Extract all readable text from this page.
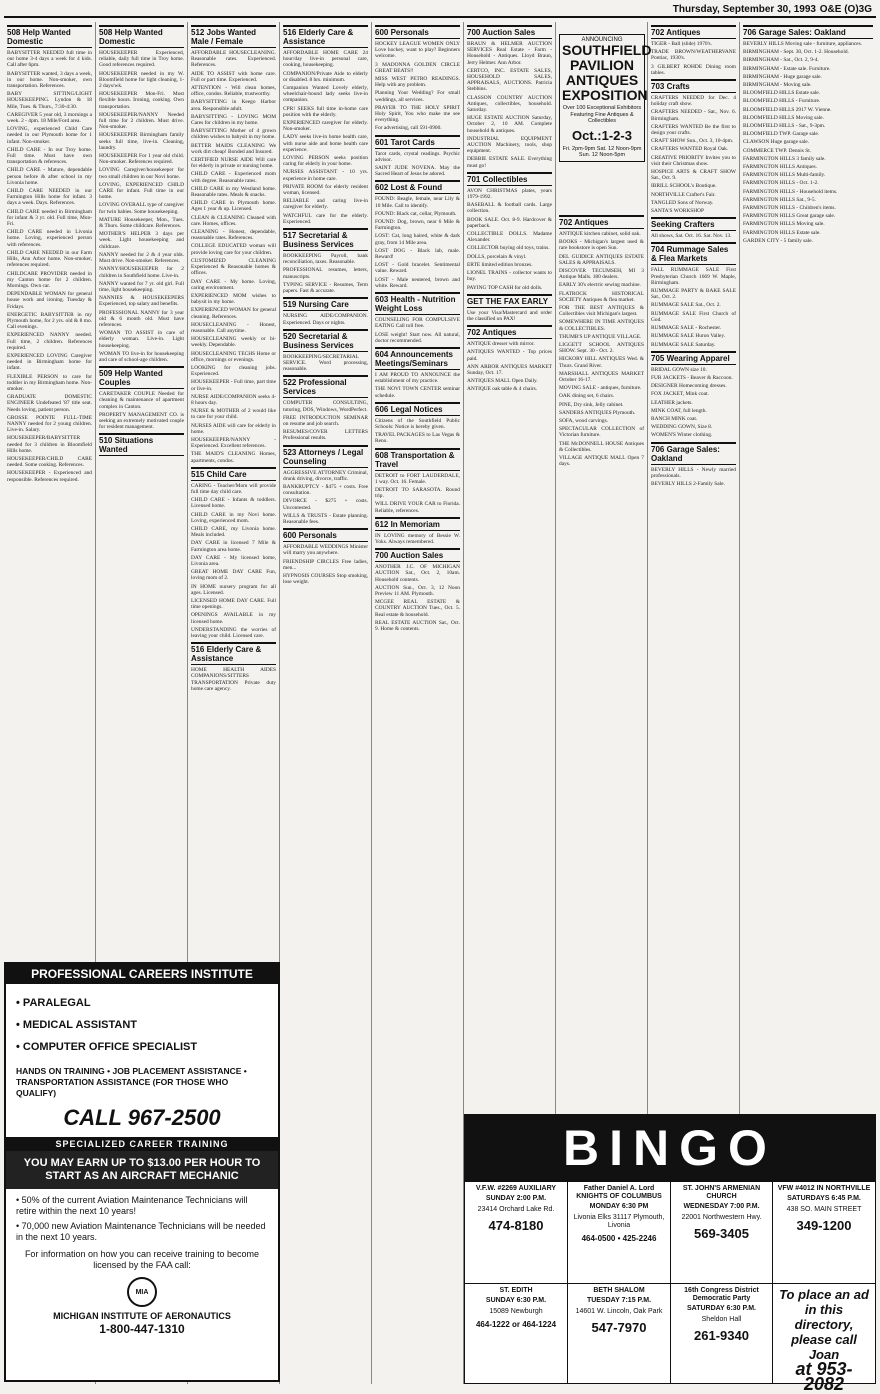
Thursday, September 30, 1993 O&E (O)3G
508 Help Wanted Domestic
BABYSITTER NEEDED full time in our home 3-4 days a week for 4 kids. Call after 6pm.
BABYSITTER wanted, 3 days a week, in our home. Non-smoker, own transportation. References.
BABY SITTING/LIGHT HOUSEKEEPING. Lyndon & 18 Mile, Tues. & Thurs., 7:30-4:30.
CAREGIVER 5 year old, 3 mornings a week. 2 - 4pm. 18 Mile/Ford area.
LOVING, experienced Child Care needed in our Plymouth home for 1 infant. Non-smoker.
CHILD CARE - In our Troy home. Full time. Must have own transportation & references.
CHILD CARE - Mature, dependable person before & after school in my Livonia home.
CHILD CARE NEEDED in our Farmington Hills home for infant. 3 days a week. Days. References.
CHILD CARE needed in Birmingham for infant & 3 yr. old. Full time, Mon-Fri.
CHILD CARE needed in Livonia home. Loving, experienced person with references.
CHILD CARE NEEDED in our Farm Hills, Ann Arbor home. Non-smoker, references required.
CHILDCARE PROVIDER needed in my Canton home for 2 children. Mornings. Own car.
DEPENDABLE WOMAN for general house work and ironing. Tuesday & Fridays.
ENERGETIC BABYSITTER in my Plymouth home, for 2 yrs. old & 8 mo. Call evenings.
EXPERIENCED NANNY needed. Full time, 2 children. References required.
EXPERIENCED LOVING Caregiver needed in Birmingham home for infant.
FLEXIBLE PERSON to care for toddler in my Birmingham home. Non-smoker.
GRADUATE DOMESTIC ENGINEER Undefeated '87 title seat. Needs loving, patient person.
GROSSE POINTE FULL-TIME NANNY needed for 2 young children. Live-in. Salary.
HOUSEKEEPER/BABYSITTER needed for 3 children in Bloomfield Hills home.
HOUSEKEEPER/CHILD CARE needed. Some cooking. References.
HOUSEKEEPER - Experienced and responsible. References required.
508 Help Wanted Domestic
HOUSEKEEPER Experienced, reliable, daily full time in Troy home. Good references required.
HOUSEKEEPER needed in my W. Bloomfield home for light cleaning, 1-2 days/wk.
HOUSEKEEPER Mon-Fri. Most flexible hours. Ironing, cooking. Own transportation.
HOUSEKEEPER/NANNY Needed full time for 2 children. Must drive. Non-smoker.
HOUSEKEEPER Birmingham family seeks full time, live-in. Cleaning, laundry.
HOUSEKEEPER For 1 year old child. Non-smoker. References required.
LOVING Caregiver/housekeeper for two small children in our Novi home.
LOVING, EXPERIENCED CHILD CARE for infant. Full time in our home.
LOVING OVERALL type of caregiver for twin babies. Some housekeeping.
MATURE Housekeeper, Mon., Tues. & Thurs. Some childcare. References.
MOTHER'S HELPER 3 days per week. Light housekeeping and childcare.
NANNY needed for 2 & 4 year olds. Must drive. Non-smoker. References.
NANNY/HOUSEKEEPER for 2 children in Southfield home. Live-in.
NANNY wanted for 7 yr. old girl. Full time, light housekeeping.
NANNIES & HOUSEKEEPERS Experienced, top salary and benefits.
PROFESSIONAL NANNY for 3 year old & 6 month old. Must have references.
WOMAN TO ASSIST in care of elderly woman. Live-in. Light housekeeping.
WOMAN TO live-in for housekeeping and care of school-age children.
509 Help Wanted Couples
CARETAKER COUPLE Needed for cleaning & maintenance of apartment complex in Canton.
PROPERTY MANAGEMENT CO. is seeking an extremely motivated couple for resident management.
510 Situations Wanted
512 Jobs Wanted Male / Female
AFFORDABLE HOUSECLEANING. Reasonable rates. Experienced. References.
AIDE TO ASSIST with home care. Full or part time. Experienced.
ATTENTION - Will clean homes, office, condos. Reliable, trustworthy.
BABYSITTING in Keego Harbor area. Responsible adult.
BABYSITTING - LOVING MOM Cares for children in my home.
BABYSITTING Mother of 4 grown children wishes to babysit in my home.
BETTER MAIDS CLEANING We work dirt cheap! Bonded and Insured.
CERTIFIED NURSE AIDE Will care for elderly in private or nursing home.
CHILD CARE - Experienced mom with degree. Reasonable rates.
CHILD CARE in my Westland home. Reasonable rates. Meals & snacks.
CHILD CARE in Plymouth home. Ages 1 year & up. Licensed.
CLEAN & CLEANING Cleaned with care. Homes, offices.
CLEANING - Honest, dependable, reasonable rates. References.
COLLEGE EDUCATED woman will provide loving care for your children.
CUSTOMIZED CLEANING Experienced & Reasonable homes & offices.
DAY CARE - My home. Loving, caring environment.
EXPERIENCED MOM wishes to babysit in my home.
EXPERIENCED WOMAN for general cleaning. References.
HOUSECLEANING - Honest, reasonable. Call anytime.
HOUSECLEANING weekly or bi-weekly. Dependable.
HOUSECLEANING TECHS Home or office, mornings or evenings.
LOOKING for cleaning jobs. Experienced.
HOUSEKEEPER - Full time, part time or live-in.
NURSE AIDE/COMPANION seeks 4-8 hours day.
NURSE & MOTHER of 2 would like to care for your child.
NURSES AIDE will care for elderly in home.
HOUSEKEEPER/NANNY - Experienced. Excellent references.
THE MAID'S CLEANING Homes, apartments, condos.
515 Child Care
CARING - Teacher/Mom will provide full time day child care.
CHILD CARE - Infants & toddlers. Licensed home.
CHILD CARE in my Novi home. Loving, experienced mom.
CHILD CARE, my Livonia home. Meals included.
DAY CARE in licensed 7 Mile & Farmington area home.
DAY CARE - My licensed home, Livonia area.
GREAT HOME DAY CARE Fun, loving mom of 2.
IN HOME nursery program for all ages. Licensed.
LICENSED HOME DAY CARE. Full time openings.
OPENINGS AVAILABLE in my licensed home.
UNDERSTANDING the worries of leaving your child. Licensed care.
516 Elderly Care & Assistance
HOME HEALTH AIDES COMPANIONS/SITTERS TRANSPORTATION Private duty home care agency.
516 Elderly Care & Assistance
AFFORDABLE HOME CARE 24 hour/day live-in personal care, cooking, housekeeping.
COMPANION/Private Aide to elderly or disabled. 8 hrs. minimum.
Companion Wanted Lovely elderly, wheelchair-bound lady seeks live-in companion.
CPR! SEEKS full time in-home care position with the elderly.
EXPERIENCED caregiver for elderly. Non-smoker.
LADY seeks live-in home health care, with nurse aide and home health care experience.
LOVING PERSON seeks position caring for elderly in your home.
NURSES ASSISTANT - 10 yrs. experience in home care.
PRIVATE ROOM for elderly resident woman, licensed.
RELIABLE and caring live-in caregiver for elderly.
WATCHFUL care for the elderly. Experienced.
517 Secretarial & Business Services
BOOKKEEPING Payroll, bank reconciliation, taxes. Reasonable.
PROFESSIONAL resumes, letters, manuscripts.
TYPING SERVICE - Resumes, Term papers. Fast & accurate.
519 Nursing Care
NURSING AIDE/COMPANION. Experienced. Days or nights.
520 Secretarial & Business Services
BOOKKEEPING/SECRETARIAL SERVICE. Word processing, reasonable.
522 Professional Services
COMPUTER CONSULTING, tutoring, DOS, Windows, WordPerfect.
FREE INTRODUCTION SEMINAR on resume and job search.
RESUMES/COVER LETTERS Professional results.
523 Attorneys / Legal Counseling
AGGRESSIVE ATTORNEY Criminal, drunk driving, divorce, traffic.
BANKRUPTCY - $475 + costs. Free consultation.
DIVORCE - $275 + costs. Uncontested.
WILLS & TRUSTS - Estate planning. Reasonable fees.
600 Personals
AFFORDABLE WEDDINGS Minister will marry you anywhere.
FRIENDSHIP CIRCLES Free ladies, men...
HYPNOSIS COURSES Stop smoking, lose weight.
600 Personals
HOCKEY LEAGUE WOMEN ONLY Love hockey, want to play? Beginners welcome.
3 MADONNA GOLDEN CIRCLE GREAT BEATS!!
MISS WEST PETRO READINGS. Help with any problem.
Planning Your Wedding? For small weddings, all services.
PRAYER TO THE HOLY SPIRIT Holy Spirit, You who make me see everything.
For advertising, call 591-0900.
601 Tarot Cards
Tarot cards, crystal readings. Psychic advisor.
SAINT JUDE NOVENA. May the Sacred Heart of Jesus be adored.
602 Lost & Found
FOUND: Beagle, female, near Lily & 10 Mile. Call to identify.
FOUND: Black cat, collar, Plymouth.
FOUND: Dog, brown, near 6 Mile & Farmington.
LOST: Cat, long haired, white & dark gray, from 14 Mile area.
LOST DOG - Black lab, male. Reward!
LOST - Gold bracelet. Sentimental value. Reward.
LOST - Male neutered, brown and white. Reward.
603 Health - Nutrition Weight Loss
COUNSELING FOR COMPULSIVE EATING Call toll free.
LOSE weight! Start now. All natural, doctor recommended.
604 Announcements Meetings/Seminars
I AM PROUD TO ANNOUNCE the establishment of my practice.
THE NOVI TOWN CENTER seminar schedule.
606 Legal Notices
Citizens of the Southfield Public Schools: Notice is hereby given.
TRAVEL PACKAGES to Las Vegas & Reno.
608 Transportation & Travel
DETROIT to FORT LAUDERDALE, 1 way. Oct. 16. Female.
DETROIT TO SARASOTA. Round trip.
WILL DRIVE YOUR CAR to Florida. Reliable, references.
612 In Memoriam
IN LOVING memory of Bessie W. Yoks. Always remembered.
700 Auction Sales
ANOTHER J.C. OF MICHIGAN AUCTION Sat., Oct. 2, 10am. Household contents.
AUCTION Sun., Oct. 3, 12 Noon Preview 11 AM. Plymouth.
MCGEE REAL ESTATE & COUNTRY AUCTION Tues., Oct. 5. Real estate & household.
REAL ESTATE AUCTION Sat., Oct. 9. Home & contents.
700 Auction Sales
BRAUN & HELMER AUCTION SERVICES Real Estate - Farm - Household - Antiques. Lloyd Braun, Jerry Helmer. Ann Arbor.
CERTCO, INC. ESTATE SALES, HOUSEHOLD SALES, APPRAISALS, AUCTIONS. Patricia Stebbins.
CLASSON COUNTRY AUCTION Antiques, collectibles, household. Saturday.
HUGE ESTATE AUCTION Saturday, October 2, 10 AM. Complete household & antiques.
INDUSTRIAL EQUIPMENT AUCTION Machinery, tools, shop equipment.
DEBBIE ESTATE SALE. Everything must go!
701 Collectibles
AVON CHRISTMAS plates, years 1979-1992.
BASEBALL & football cards. Large collection.
BOOK SALE. Oct. 8-9. Hardcover & paperback.
COLLECTIBLE DOLLS. Madame Alexander.
COLLECTOR buying old toys, trains.
DOLLS, porcelain & vinyl.
ERTE limited edition bronzes.
LIONEL TRAINS - collector wants to buy.
PAYING TOP CASH for old dolls.
GET THE FAX EARLY
Use your Visa/Mastercard and order the classified on PAX!
702 Antiques
ANTIQUE dresser with mirror.
ANTIQUES WANTED - Top prices paid.
ANN ARBOR ANTIQUES MARKET Sunday, Oct. 17.
ANTIQUES MALL Open Daily.
ANTIQUE oak table & 4 chairs.
ANNOUNCING
SOUTHFIELD PAVILION ANTIQUES EXPOSITION
Over 100 Exceptional Exhibitors Featuring Fine Antiques & Collectibles
Oct.:1-2-3
Fri. 2pm-9pm Sat. 12 Noon-9pm Sun. 12 Noon-5pm
702 Antiques
ANTIQUE kitchen cabinet, solid oak.
BOOKS - Michigan's largest used & rare bookstore is open Sun.
DEL GUIDICE ANTIQUES ESTATE SALES & APPRAISALS.
DISCOVER TECUMSEH, MI 3 Antique Malls. 180 dealers.
EARLY 30's electric sewing machine.
FLATROCK HISTORICAL SOCIETY Antiques & flea market.
FOR THE BEST ANTIQUES & Collectibles visit Michigan's largest.
SOMEWHERE IN TIME ANTIQUES & COLLECTIBLES.
THUMB'S UP ANTIQUE VILLAGE.
LIGGETT SCHOOL ANTIQUES SHOW. Sept. 30 - Oct. 2.
HICKORY HILL ANTIQUES Wed. & Thurs. Grand River.
MARSHALL ANTIQUES MARKET October 16-17.
MOVING SALE - antiques, furniture.
OAK dining set, 6 chairs.
PINE, Dry sink, Jelly cabinet.
SANDERS ANTIQUES Plymouth.
SOFA, wood carvings.
SPECTACULAR COLLECTION of Victorian furniture.
THE McDONNELL HOUSE Antiques & Collectibles.
VILLAGE ANTIQUE MALL Open 7 days.
702 Antiques
TIGER - Ball (slide) 1970's.
TRADE BROWN/WEATHERVANE Pontiac, 1930's.
3 GILBERT ROHDE Dining room tables.
703 Crafts
CRAFTERS NEEDED for Dec. 4 holiday craft show.
CRAFTERS NEEDED - Sat., Nov. 6. Birmingham.
CRAFTERS WANTED Be the first to design your crafts.
CRAFT SHOW Sun., Oct. 3, 10-4pm.
CRAFTERS WANTED Royal Oak.
CREATIVE PRIORITY Invites you to visit their Christmas show.
HOSPICE ARTS & CRAFT SHOW Sat., Oct. 9.
IBRILL SCHOOL's Boutique.
NORTHVILLE Crafter's Fair.
TANGLED Sons of Norway.
SANTA'S WORKSHOP
Seeking Crafters
All shows, Sat. Oct. 16. Sat. Nov. 13.
704 Rummage Sales & Flea Markets
FALL RUMMAGE SALE First Presbyterian Church 1669 W. Maple, Birmingham.
RUMMAGE PARTY & BAKE SALE Sat., Oct. 2.
RUMMAGE SALE Sat., Oct. 2.
RUMMAGE SALE First Church of God.
RUMMAGE SALE - Rochester.
RUMMAGE SALE Huron Valley.
RUMMAGE SALE Saturday.
705 Wearing Apparel
BRIDAL GOWN size 10.
FUR JACKETS - Beaver & Raccoon.
DESIGNER Homecoming dresses.
FOX JACKET, Mink coat.
LEATHER jackets.
MINK COAT, full length.
RANCH MINK coat.
WEDDING GOWN, Size 8.
WOMEN'S Winter clothing.
706 Garage Sales: Oakland
BEVERLY HILLS - Newly married professionals.
BEVERLY HILLS 2-Family Sale.
706 Garage Sales: Oakland
BEVERLY HILLS Moving sale - furniture, appliances.
BIRMINGHAM - Sept. 30, Oct. 1-2. Household.
BIRMINGHAM - Sat., Oct. 2, 9-4.
BIRMINGHAM - Estate sale. Furniture.
BIRMINGHAM - Huge garage sale.
BIRMINGHAM - Moving sale.
BLOOMFIELD HILLS Estate sale.
BLOOMFIELD HILLS - Furniture.
BLOOMFIELD HILLS 2917 W. Vienne.
BLOOMFIELD HILLS Moving sale.
BLOOMFIELD HILLS - Sat., 9-3pm.
BLOOMFIELD TWP. Garage sale.
CLAWSON Huge garage sale.
COMMERCE TWP. Dennis St.
FARMINGTON HILLS 3 family sale.
FARMINGTON HILLS Antiques.
FARMINGTON HILLS Multi-family.
FARMINGTON HILLS - Oct. 1-2.
FARMINGTON HILLS - Household items.
FARMINGTON HILLS Sat., 9-5.
FARMINGTON HILLS - Children's items.
FARMINGTON HILLS Great garage sale.
FARMINGTON HILLS Moving sale.
FARMINGTON HILLS Estate sale.
GARDEN CITY - 5 family sale.
PROFESSIONAL CAREERS INSTITUTE
• PARALEGAL
• MEDICAL ASSISTANT
• COMPUTER OFFICE SPECIALIST
HANDS ON TRAINING • JOB PLACEMENT ASSISTANCE • TRANSPORTATION ASSISTANCE (FOR THOSE WHO QUALIFY)
CALL 967-2500
SPECIALIZED CAREER TRAINING
YOU MAY EARN UP TO $13.00 PER HOUR TO START AS AN AIRCRAFT MECHANIC
• 50% of the current Aviation Maintenance Technicians will retire within the next 10 years!
• 70,000 new Aviation Maintenance Technicians will be needed in the next 10 years.
For information on how you can receive training to become licensed by the FAA call:
MIA
MICHIGAN INSTITUTE OF AERONAUTICS
1-800-447-1310
BINGO
V.F.W. #2269 AUXILIARY
SUNDAY 2:00 P.M.
23414 Orchard Lake Rd.
474-8180
Father Daniel A. Lord KNIGHTS OF COLUMBUS
MONDAY 6:30 PM
Livonia Elks 31117 Plymouth, Livonia
464-0500 • 425-2246
ST. JOHN'S ARMENIAN CHURCH
WEDNESDAY 7:00 P.M.
22001 Northwestern Hwy.
569-3405
VFW #4012 IN NORTHVILLE
SATURDAYS 6:45 P.M.
438 SO. MAIN STREET
349-1200
ST. EDITH
SUNDAY 6:30 P.M.
15089 Newburgh
464-1222 or 464-1224
BETH SHALOM
TUESDAY 7:15 P.M.
14601 W. Lincoln, Oak Park
547-7970
16th Congress District Democratic Party
SATURDAY 6:30 P.M.
Sheldon Hall
261-9340
To place an ad
in this directory,
please call Joan
at 953-2082
